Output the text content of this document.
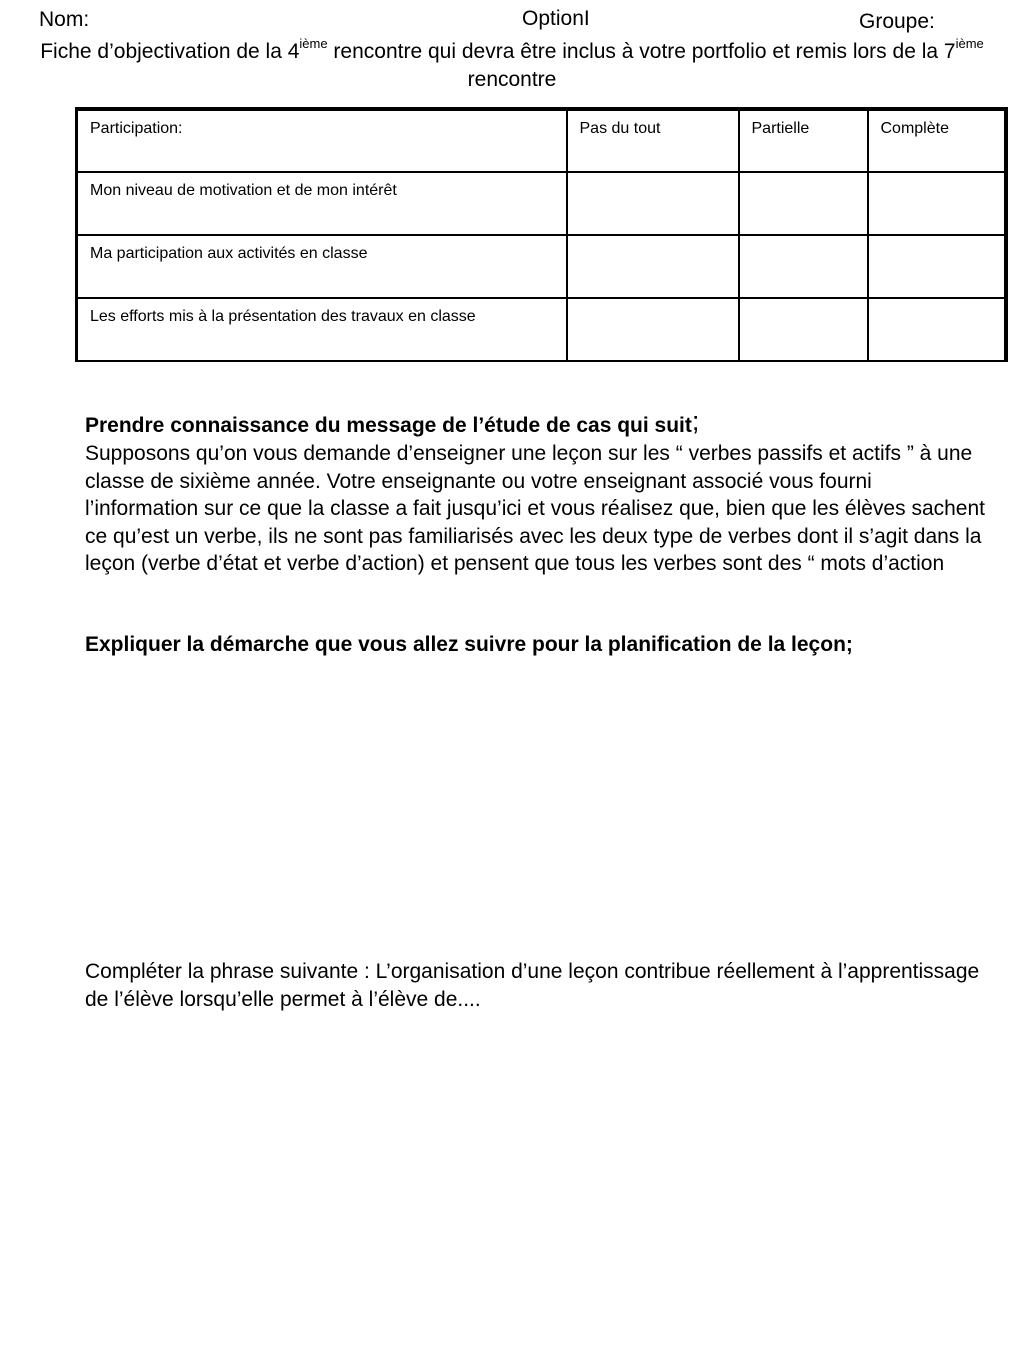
Nom:	OptionI	Groupe:
Fiche d’objectivation de la 4ième rencontre qui devra être inclus à votre portfolio et remis lors de la 7ième rencontre
Participation:	Pas du tout	Partielle	Complète
Mon niveau de motivation et de mon intérêt			
Ma participation aux activités en classe			
Les efforts mis à la présentation des travaux en classe			
Prendre connaissance du message de l’étude de cas qui suit;
Supposons qu’on vous demande d’enseigner une leçon sur les “ verbes passifs et actifs ” à une classe de sixième année. Votre enseignante ou votre enseignant associé vous fourni l’information sur ce que la classe a fait jusqu’ici et vous réalisez que, bien que les élèves sachent ce qu’est un verbe, ils ne sont pas familiarisés avec les deux type de verbes dont il s’agit dans la leçon (verbe d’état et verbe d’action) et pensent que tous les verbes sont des “ mots d’action
Expliquer la démarche que vous allez suivre pour la planification de la leçon;
Compléter la phrase suivante : L’organisation d’une leçon contribue réellement à l’apprentissage de l’élève lorsqu’elle permet à l’élève de....
